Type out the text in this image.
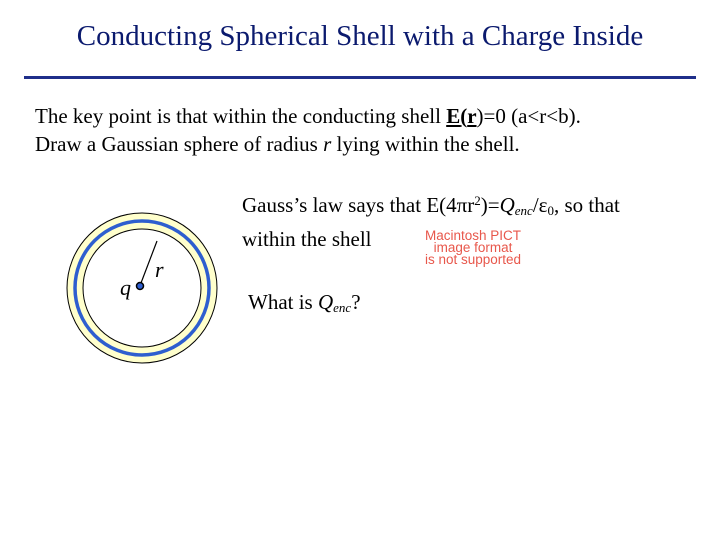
Conducting Spherical Shell with a Charge Inside
The key point is that within the conducting shell E(r)=0 (a<r<b).
Draw a Gaussian sphere of radius r lying within the shell.
Gauss’s law says that $E(4\pi r^2)=Q_{enc}/\varepsilon_0$, so that
within the shell	Macintosh PICT
image format
is not supported
What is $Q_{enc}$?
q
r
